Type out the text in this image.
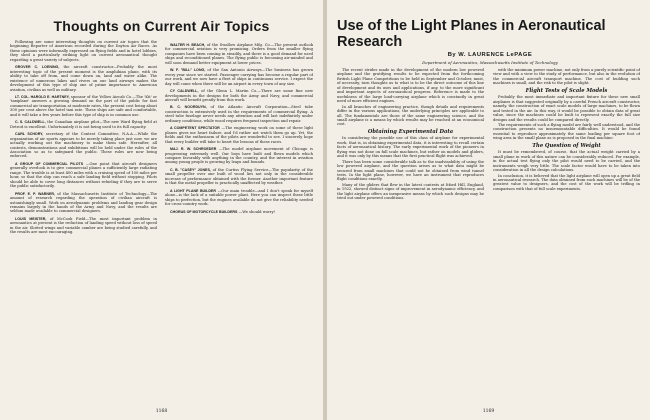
Thoughts on Current Air Topics

Following are some interesting thoughts on current air topics that the beginning Reporter of American recorded during the Dayton Air Races. As these opinions were informally expressed on flying fields and in hotel lobbies, they shed a particularly striking light on current aeronautical thought regarding a great variety of subjects.

GROVER C. LOENING, the aircraft constructor—Probably the most interesting topic of the present moment is the amphibian plane, with its ability to take off from, and come down on, land and water alike. The existence of numerous lakes and rivers on our land airways makes the development of this type of ship one of prime importance to American aviation, civilian as well as military.

LT. COL. HAROLD E. HARTNEY, sponsor of the Yellow Aircab Co.—The 'Kit' or 'taxiplane' answers a growing demand on the part of the public for fast commercial air transportation at moderate rates, the present cost being about 300 per cent above the hotel taxi rate. These ships are safe and comfortable, and it will take a few years before this type of ship is in common use.

C. S. CALDWELL, the Canadian airplane pilot—The new Ward flying field at Detroit is excellent. Unfortunately it is not being used to its full capacity.

CARL SCHORY, secretary of the Contest Committee, N.A.A.—While the organization of air sports appears to be merely taking place just now, we are actually working out the machinery to make them safe. Hereafter, all contests, demonstrations and exhibitions will be held under the rules of the Association so as to safeguard the public. These rules are now being enforced.

A GROUP OF COMMERCIAL PILOTS —One point that aircraft designers generally overlook is to give commercial planes a sufficiently large radiating range. The trouble is at least 400 miles with a cruising speed of 100 miles per hour, so that the ship can reach a safe landing field without stopping. Pilots should be able to cover long distances without refueling if they are to serve the public satisfactorily.

PROF. E. P. WARNER, of the Massachusetts Institute of Technology—The amount of research regarding the operation of civilian aircraft is astonishingly small. Work on aerodynamic problems and landing gear design remains largely in the hands of the Army and Navy, and the results are seldom made available to commercial designers.

LOUIS MEISTER, of McCook Field—The most important problem in aeronautics at present is the reduction of landing speed without loss of speed in the air. Slotted wings and variable camber are being studied carefully, and the results are most encouraging.

WALTER H. BEACH, of the Swallow Airplane Mfg. Co.—The present outlook for commercial aviation is very promising. Orders from the smaller flying companies have been coming in steadily, and there is a good demand for used ships and reconditioned planes. The flying public is becoming air-minded and will soon demand better equipment at lower prices.

W. F. "BILL" LONG, of the San Antonio Airways—The business has grown every year since we started. Passenger carrying has become a regular part of our work, and we now have a fleet of ships in continuous service. I expect the day will come when there will be an airport in every town of any size.

CY CALDWELL, of the Glenn L. Martin Co.—There are some fine new developments in the designs for both the Army and Navy, and commercial aircraft will benefit greatly from this work.

B. C. NOORDUYN, of the Atlantic Aircraft Corporation—Steel tube construction is extensively used in the requirements of commercial flying. A steel tube fuselage never needs any attention and will last indefinitely under ordinary conditions, while wood requires frequent inspection and repair.

A COMPETENT SPECTATOR —The engineering work on some of these light planes gives me heart failure, and I'd rather not watch them go up. Yet, the fields and the enthusiasm of the pilots are wonderful to see. I sincerely hope that every builder will take to heart the lessons of these races.

MAJ. R. W. SCHROEDER —The model airplane movement of Chicago is progressing extremely well. Our boys have built and flown models which compare favorably with anything in the country, and the interest in aviation among young people is growing by leaps and bounds.

C. B. "CASEY" JONES, of the Curtiss Flying Service—The popularity of the small propeller over one built of wood lies not only in the considerable increase of performance obtained with the former. Another important feature is that the metal propeller is practically unaffected by weather.

A LIGHT PLANE BUILDER —Our main trouble—and I don't speak for myself alone—is the lack of a suitable power plant. Here you can inspect these little ships to perfection, but the engines available do not give the reliability needed for cross-country work.

CHORUS OF MOTORCYCLE BUILDERS —We should worry!

1168
Use of the Light Planes in Aeronautical Research
By W. LAURENCE LePAGE
Department of Aeronautics, Massachusetts Institute of Technology

The recent strides made in the development of the modern low powered airplane and the gratifying results to be expected from the forthcoming British Light Plane Competitions to be held in September and October, must, of necessity, turn thoughts as to what is to be the direct outcome of this line of development and its uses and applications, if any, to the more significant and important aspects of aeronautical progress. Reference is made to the usefulness of the large load-carrying airplane which is constantly in great need of more efficient engines.

In all branches of engineering practice, though details and requirements differ in the various applications, the underlying principles are applicable to all. The fundamentals are those of the same engineering science, and the small airplane is a means by which results may be reached at an economical cost.

Obtaining Experimental Data

In considering the possible use of this class of airplane for experimental work, that is, in obtaining experimental data, it is interesting to recall certain facts of aeronautical history. The early experimental work of the pioneers in flying was not done on full scale machines, but rather on models and gliders, and it was only by this means that the first practical flight was achieved.

There has been some considerable talk as to the inadvisability of using the low powered airplane, and the question arises as to what data might be secured from small machines that could not be obtained from wind tunnel tests. In the light plane, however, we have an instrument that reproduces flight conditions exactly.

Many of the gliders that flew in the latest contests at Itford Hill, England, in 1922, showed distinct signs of improvement in aerodynamic efficiency, and the light airplane offers an inexpensive means by which such designs may be tried out under powered conditions.

with the minimum power machine, not only from a purely scientific point of view and with a view to the study of performance, but also in the evolution of the commercial aircraft transport machine. The cost of building such machines is small, and the risk to the pilot is slight.

Flight Tests of Scale Models

Probably the most immediate and important fixture for these new small airplanes is that suggested originally by a careful French aircraft constructor, namely, the construction of exact scale models of large machines, to be flown and tested in the air. In this way, it would be possible to obtain data of great value, since the machines could be built to represent exactly the full size designs and the results could be compared directly.

The requirements of such a flying model are fairly well understood, and the construction presents no insurmountable difficulties. It would be found essential to reproduce approximately the same loading per square foot of wing area in the small plane as is proposed in the final machine.

The Question of Weight

It must be remembered, of course, that the actual weight carried by a small plane in work of this nature can be considerably reduced. For example, in the actual test flying only the pilot would need to be carried, and the instruments weigh very little. The scale factor would have to be taken into consideration in all the design calculations.

In conclusion, it is believed that the light airplane will open up a great field in aeronautical research. The data obtained from such machines will be of the greatest value to designers, and the cost of the work will be trifling in comparison with that of full scale experiments.

1169
